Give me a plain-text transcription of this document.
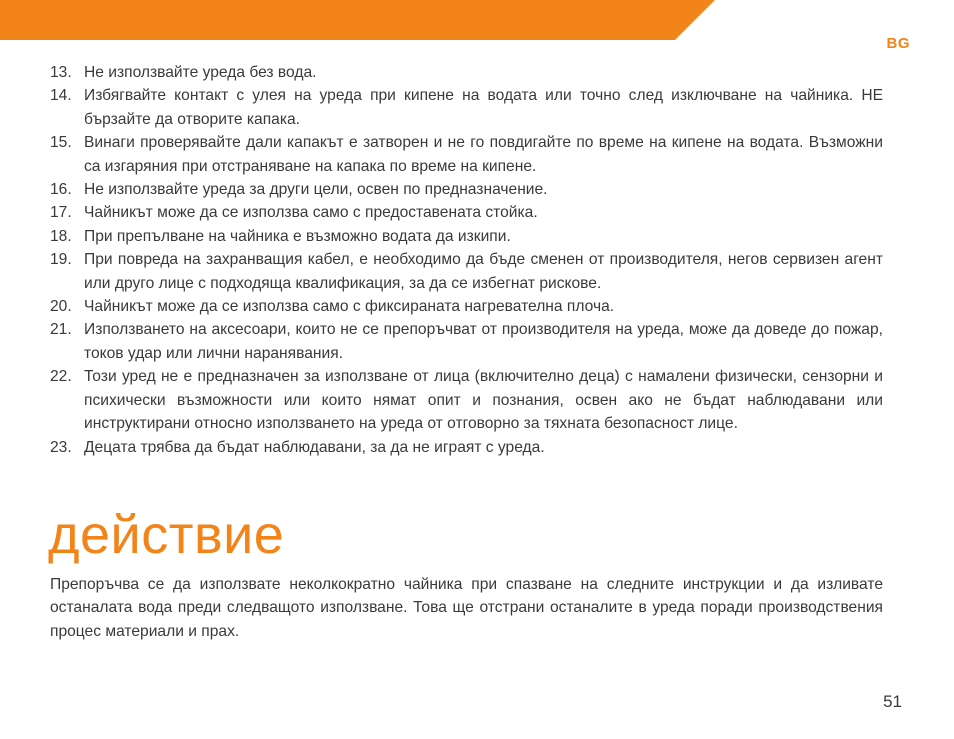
BG
13. Не използвайте уреда без вода.
14. Избягвайте контакт с улея на уреда при кипене на водата или точно след изключване на чайника. НЕ бързайте да отворите капака.
15. Винаги проверявайте дали капакът е затворен и не го повдигайте по време на кипене на водата. Възможни са изгаряния при отстраняване на капака по време на кипене.
16. Не използвайте уреда за други цели, освен по предназначение.
17. Чайникът може да се използва само с предоставената стойка.
18. При препълване на чайника е възможно водата да изкипи.
19. При повреда на захранващия кабел, е необходимо да бъде сменен от производителя, негов сервизен агент или друго лице с подходяща квалификация, за да се избегнат рискове.
20. Чайникът може да се използва само с фиксираната нагревателна плоча.
21. Използването на аксесоари, които не се препоръчват от производителя на уреда, може да доведе до пожар, токов удар или лични наранявания.
22. Този уред не е предназначен за използване от лица (включително деца) с намалени физически, сензорни и психически възможности или които нямат опит и познания, освен ако не бъдат наблюдавани или инструктирани относно използването на уреда от отговорно за тяхната безопасност лице.
23. Децата трябва да бъдат наблюдавани, за да не играят с уреда.
действие

Препоръчва се да използвате неколкократно чайника при спазване на следните инструкции и да изливате останалата вода преди следващото използване. Това ще отстрани останалите в уреда поради производствения процес материали и прах.

51
